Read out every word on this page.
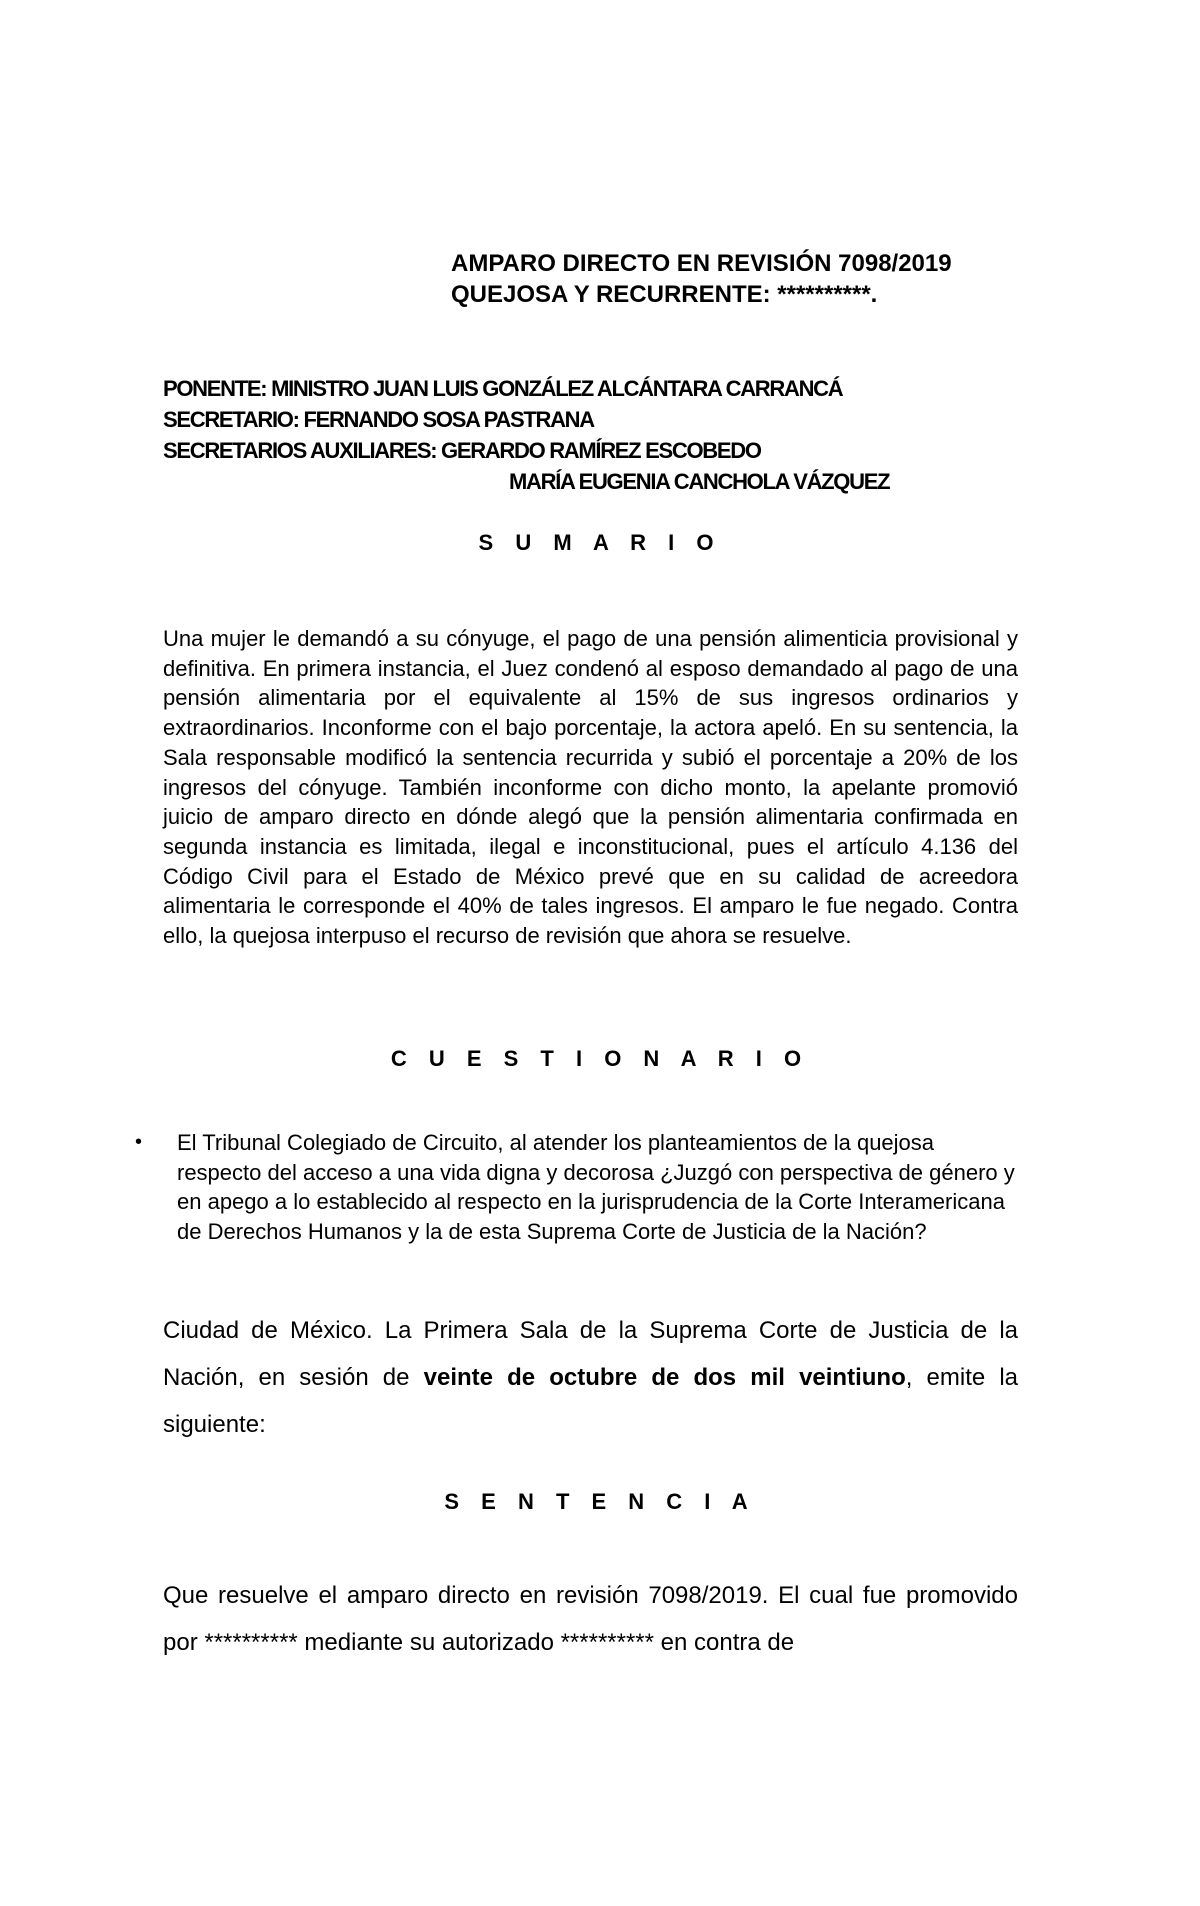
AMPARO DIRECTO EN REVISIÓN 7098/2019
QUEJOSA Y RECURRENTE: **********.
PONENTE: MINISTRO JUAN LUIS GONZÁLEZ ALCÁNTARA CARRANCÁ
SECRETARIO: FERNANDO SOSA PASTRANA
SECRETARIOS AUXILIARES: GERARDO RAMÍREZ ESCOBEDO
MARÍA EUGENIA CANCHOLA VÁZQUEZ
S U M A R I O
Una mujer le demandó a su cónyuge, el pago de una pensión alimenticia provisional y definitiva. En primera instancia, el Juez condenó al esposo demandado al pago de una pensión alimentaria por el equivalente al 15% de sus ingresos ordinarios y extraordinarios. Inconforme con el bajo porcentaje, la actora apeló. En su sentencia, la Sala responsable modificó la sentencia recurrida y subió el porcentaje a 20% de los ingresos del cónyuge. También inconforme con dicho monto, la apelante promovió juicio de amparo directo en dónde alegó que la pensión alimentaria confirmada en segunda instancia es limitada, ilegal e inconstitucional, pues el artículo 4.136 del Código Civil para el Estado de México prevé que en su calidad de acreedora alimentaria le corresponde el 40% de tales ingresos. El amparo le fue negado. Contra ello, la quejosa interpuso el recurso de revisión que ahora se resuelve.
C U E S T I O N A R I O
• El Tribunal Colegiado de Circuito, al atender los planteamientos de la quejosa respecto del acceso a una vida digna y decorosa ¿Juzgó con perspectiva de género y en apego a lo establecido al respecto en la jurisprudencia de la Corte Interamericana de Derechos Humanos y la de esta Suprema Corte de Justicia de la Nación?
Ciudad de México. La Primera Sala de la Suprema Corte de Justicia de la Nación, en sesión de veinte de octubre de dos mil veintiuno, emite la siguiente:
S E N T E N C I A
Que resuelve el amparo directo en revisión 7098/2019. El cual fue promovido por ********** mediante su autorizado ********** en contra de
